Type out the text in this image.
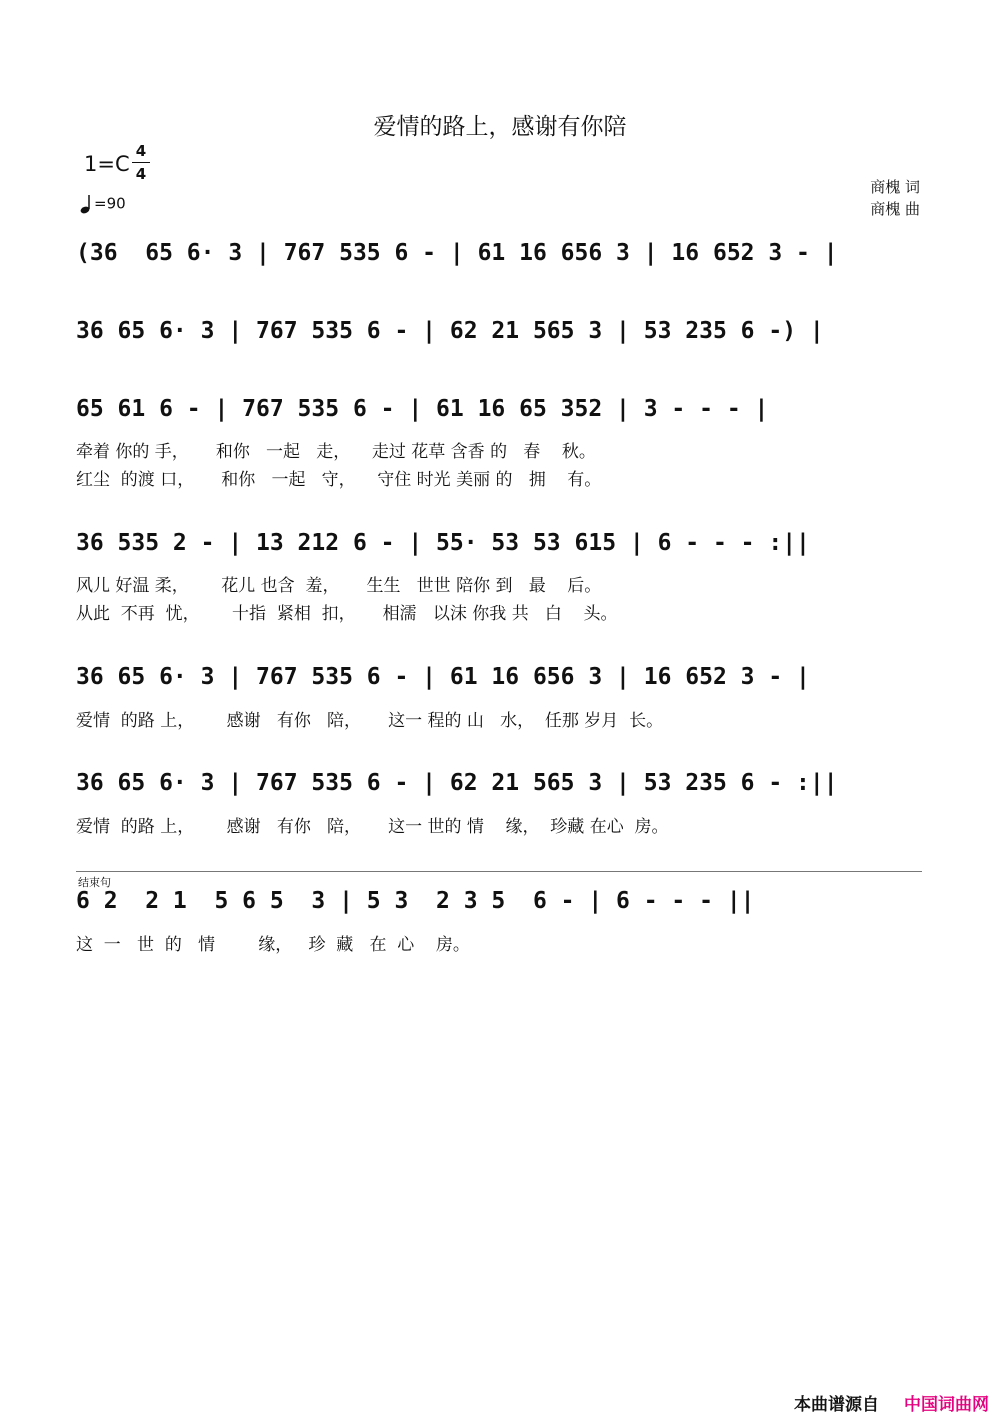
爱情的路上，感谢有你陪
1=C
4
4
=90
商槐 词
商槐 曲
(36  65 6· 3 | 767 535 6 - | 61 16 656 3 | 16 652 3 - |
36 65 6· 3 | 767 535 6 - | 62 21 565 3 | 53 235 6 -) |
65 61 6 - | 767 535 6 - | 61 16 65 352 | 3 - - - |
牵着 你的 手，     和你   一起   走，    走过 花草 含香 的   春    秋。
红尘  的渡 口，     和你   一起   守，    守住 时光 美丽 的   拥    有。
36 535 2 - | 13 212 6 - | 55· 53 53 615 | 6 - - - :||
风儿 好温 柔，      花儿 也含  羞，     生生   世世 陪你 到   最    后。
从此  不再  忧，      十指  紧相  扣，     相濡   以沫 你我 共   白    头。
36 65 6· 3 | 767 535 6 - | 61 16 656 3 | 16 652 3 - |
爱情  的路 上，      感谢   有你   陪，     这一 程的 山   水，  任那 岁月  长。
36 65 6· 3 | 767 535 6 - | 62 21 565 3 | 53 235 6 - :||
爱情  的路 上，      感谢   有你   陪，     这一 世的 情    缘，  珍藏 在心  房。
结束句
6 2  2 1  5 6 5  3 | 5 3  2 3 5  6 - | 6 - - - ||
这  一   世  的   情        缘，   珍  藏   在  心    房。
本曲谱源自 中国词曲网
